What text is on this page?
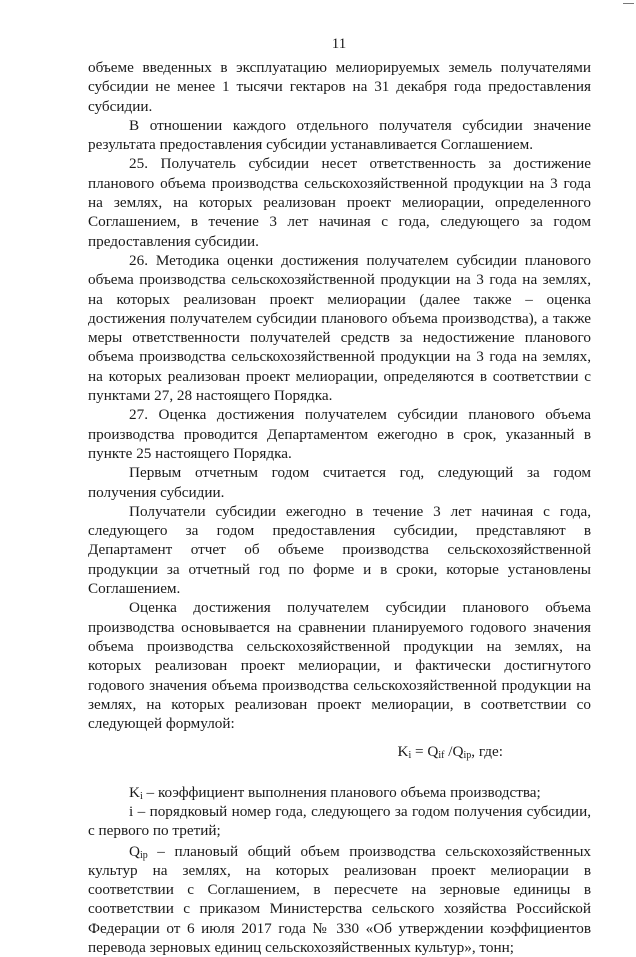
11

объеме введенных в эксплуатацию мелиорируемых земель получателями субсидии не менее 1 тысячи гектаров на 31 декабря года предоставления субсидии.

В отношении каждого отдельного получателя субсидии значение результата предоставления субсидии устанавливается Соглашением.

25. Получатель субсидии несет ответственность за достижение планового объема производства сельскохозяйственной продукции на 3 года на землях, на которых реализован проект мелиорации, определенного Соглашением, в течение 3 лет начиная с года, следующего за годом предоставления субсидии.

26. Методика оценки достижения получателем субсидии планового объема производства сельскохозяйственной продукции на 3 года на землях, на которых реализован проект мелиорации (далее также – оценка достижения получателем субсидии планового объема производства), а также меры ответственности получателей средств за недостижение планового объема производства сельскохозяйственной продукции на 3 года на землях, на которых реализован проект мелиорации, определяются в соответствии с пунктами 27, 28 настоящего Порядка.

27. Оценка достижения получателем субсидии планового объема производства проводится Департаментом ежегодно в срок, указанный в пункте 25 настоящего Порядка.

Первым отчетным годом считается год, следующий за годом получения субсидии.

Получатели субсидии ежегодно в течение 3 лет начиная с года, следующего за годом предоставления субсидии, представляют в Департамент отчет об объеме производства сельскохозяйственной продукции за отчетный год по форме и в сроки, которые установлены Соглашением.

Оценка достижения получателем субсидии планового объема производства основывается на сравнении планируемого годового значения объема производства сельскохозяйственной продукции на землях, на которых реализован проект мелиорации, и фактически достигнутого годового значения объема производства сельскохозяйственной продукции на землях, на которых реализован проект мелиорации, в соответствии со следующей формулой:

$K_i = Q_{if}$ $/Q_{ip}$, где:

$K_i$ – коэффициент выполнения планового объема производства;

i – порядковый номер года, следующего за годом получения субсидии, с первого по третий;

$Q_{ip}$ – плановый общий объем производства сельскохозяйственных культур на землях, на которых реализован проект мелиорации в соответствии с Соглашением, в пересчете на зерновые единицы в соответствии с приказом Министерства сельского хозяйства Российской Федерации от 6 июля 2017 года № 330 «Об утверждении коэффициентов перевода зерновых единиц сельскохозяйственных культур», тонн;
